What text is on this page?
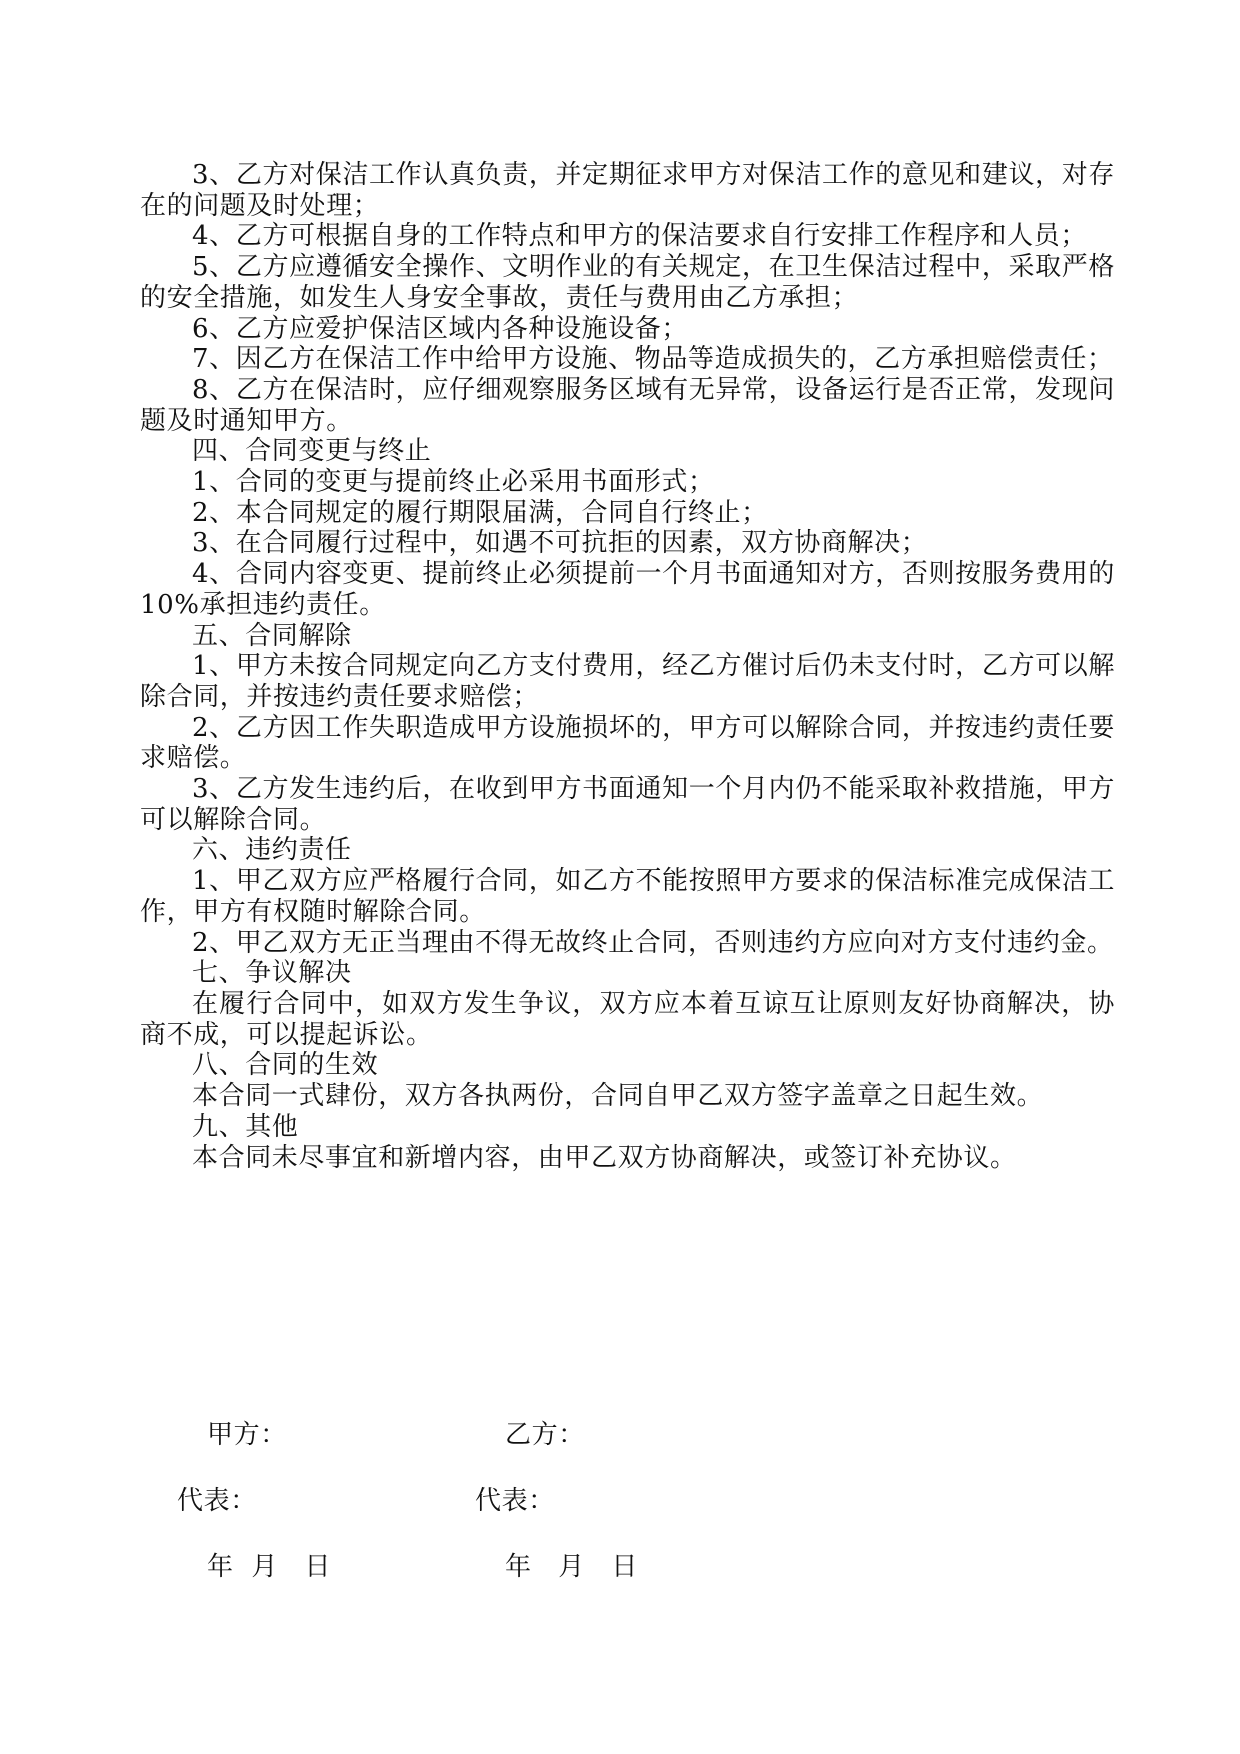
3、乙方对保洁工作认真负责，并定期征求甲方对保洁工作的意见和建议，对存在的问题及时处理；

4、乙方可根据自身的工作特点和甲方的保洁要求自行安排工作程序和人员；

5、乙方应遵循安全操作、文明作业的有关规定，在卫生保洁过程中，采取严格的安全措施，如发生人身安全事故，责任与费用由乙方承担；

6、乙方应爱护保洁区域内各种设施设备；

7、因乙方在保洁工作中给甲方设施、物品等造成损失的，乙方承担赔偿责任；

8、乙方在保洁时，应仔细观察服务区域有无异常，设备运行是否正常，发现问题及时通知甲方。

四、合同变更与终止

1、合同的变更与提前终止必采用书面形式；

2、本合同规定的履行期限届满，合同自行终止；

3、在合同履行过程中，如遇不可抗拒的因素，双方协商解决；

4、合同内容变更、提前终止必须提前一个月书面通知对方，否则按服务费用的10%承担违约责任。

五、合同解除

1、甲方未按合同规定向乙方支付费用，经乙方催讨后仍未支付时，乙方可以解除合同，并按违约责任要求赔偿；

2、乙方因工作失职造成甲方设施损坏的，甲方可以解除合同，并按违约责任要求赔偿。

3、乙方发生违约后，在收到甲方书面通知一个月内仍不能采取补救措施，甲方可以解除合同。

六、违约责任

1、甲乙双方应严格履行合同，如乙方不能按照甲方要求的保洁标准完成保洁工作，甲方有权随时解除合同。

2、甲乙双方无正当理由不得无故终止合同，否则违约方应向对方支付违约金。

七、争议解决

在履行合同中，如双方发生争议，双方应本着互谅互让原则友好协商解决，协商不成，可以提起诉讼。

八、合同的生效

本合同一式肆份，双方各执两份，合同自甲乙双方签字盖章之日起生效。

九、其他

本合同未尽事宜和新增内容，由甲乙双方协商解决，或签订补充协议。

甲方：	乙方：
代表：	代表：
年  月   日	年   月   日
